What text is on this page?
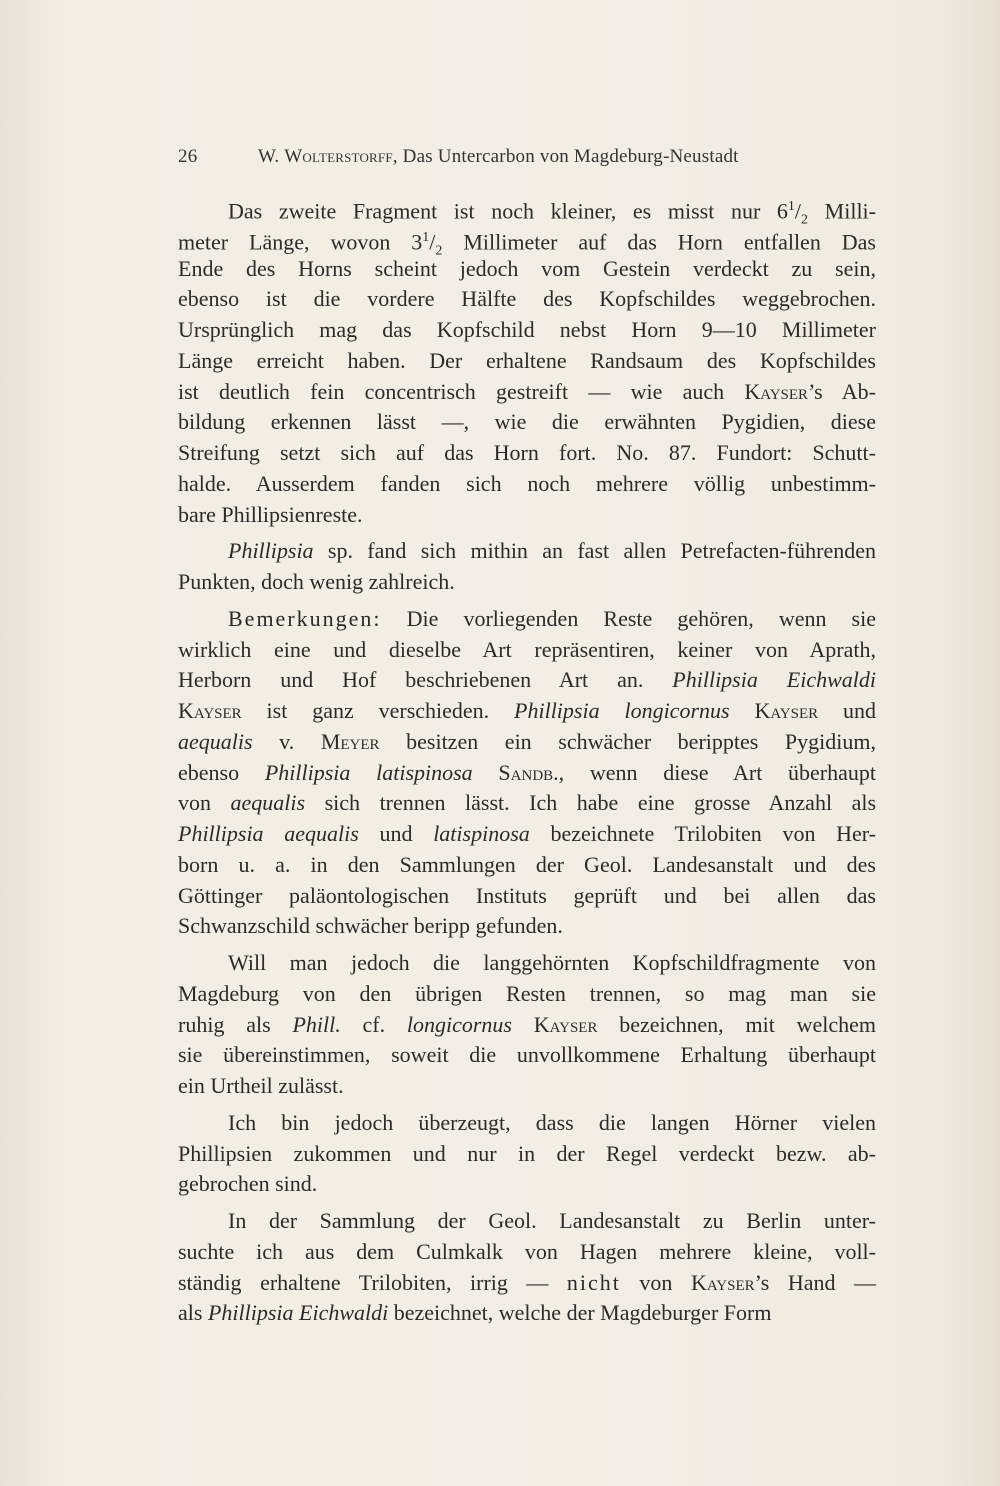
26	W. Wolterstorff, Das Untercarbon von Magdeburg-Neustadt

Das zweite Fragment ist noch kleiner, es misst nur $6^1/_2$ Milli-
meter Länge, wovon $3^1/_2$ Millimeter auf das Horn entfallen Das
Ende des Horns scheint jedoch vom Gestein verdeckt zu sein,
ebenso ist die vordere Hälfte des Kopfschildes weggebrochen.
Ursprünglich mag das Kopfschild nebst Horn 9—10 Millimeter
Länge erreicht haben. Der erhaltene Randsaum des Kopfschildes
ist deutlich fein concentrisch gestreift — wie auch Kayser’s Ab-
bildung erkennen lässt —, wie die erwähnten Pygidien, diese
Streifung setzt sich auf das Horn fort. No. 87. Fundort: Schutt-
halde. Ausserdem fanden sich noch mehrere völlig unbestimm-
bare Phillipsienreste.

Phillipsia sp. fand sich mithin an fast allen Petrefacten-führenden
Punkten, doch wenig zahlreich.

Bemerkungen: Die vorliegenden Reste gehören, wenn sie
wirklich eine und dieselbe Art repräsentiren, keiner von Aprath,
Herborn und Hof beschriebenen Art an. Phillipsia Eichwaldi
Kayser ist ganz verschieden. Phillipsia longicornus Kayser und
aequalis v. Meyer besitzen ein schwächer beripptes Pygidium,
ebenso Phillipsia latispinosa Sandb., wenn diese Art überhaupt
von aequalis sich trennen lässt. Ich habe eine grosse Anzahl als
Phillipsia aequalis und latispinosa bezeichnete Trilobiten von Her-
born u. a. in den Sammlungen der Geol. Landesanstalt und des
Göttinger paläontologischen Instituts geprüft und bei allen das
Schwanzschild schwächer beripp gefunden.

Will man jedoch die langgehörnten Kopfschildfragmente von
Magdeburg von den übrigen Resten trennen, so mag man sie
ruhig als Phill. cf. longicornus Kayser bezeichnen, mit welchem
sie übereinstimmen, soweit die unvollkommene Erhaltung überhaupt
ein Urtheil zulässt.

Ich bin jedoch überzeugt, dass die langen Hörner vielen
Phillipsien zukommen und nur in der Regel verdeckt bezw. ab-
gebrochen sind.

In der Sammlung der Geol. Landesanstalt zu Berlin unter-
suchte ich aus dem Culmkalk von Hagen mehrere kleine, voll-
ständig erhaltene Trilobiten, irrig — nicht von Kayser’s Hand —
als Phillipsia Eichwaldi bezeichnet, welche der Magdeburger Form
